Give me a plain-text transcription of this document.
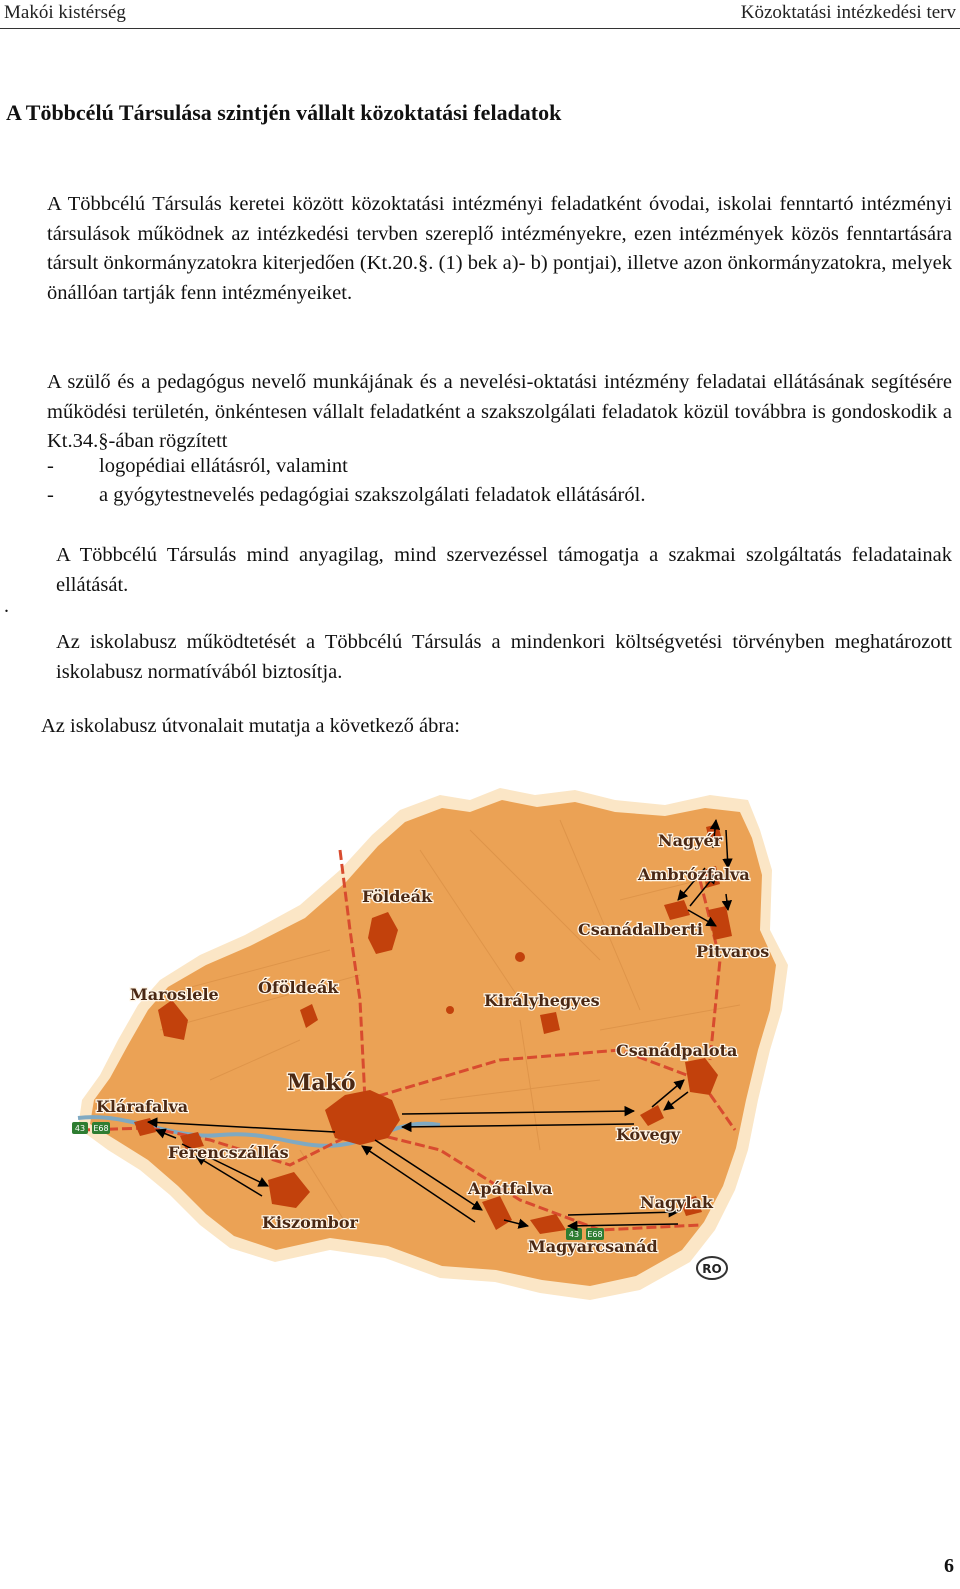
Makói kistérség	Közoktatási intézkedési terv
A Többcélú Társulása szintjén vállalt közoktatási feladatok
A Többcélú Társulás keretei között közoktatási intézményi feladatként óvodai, iskolai fenntartó intézményi társulások működnek az intézkedési tervben szereplő intézményekre, ezen intézmények közös fenntartására társult önkormányzatokra kiterjedően (Kt.20.§. (1) bek a)- b) pontjai), illetve azon önkormányzatokra, melyek önállóan tartják fenn intézményeiket.
A szülő és a pedagógus nevelő munkájának és a nevelési-oktatási intézmény feladatai ellátásának segítésére működési területén, önkéntesen vállalt feladatként a szakszolgálati feladatok közül továbbra is gondoskodik a Kt.34.§-ában rögzített
- logopédiai ellátásról, valamint
- a gyógytestnevelés pedagógiai szakszolgálati feladatok ellátásáról.
A Többcélú Társulás mind anyagilag, mind szervezéssel támogatja a szakmai szolgáltatás feladatainak ellátását.
.
Az iskolabusz működtetését a Többcélú Társulás a mindenkori költségvetési törvényben meghatározott iskolabusz normatívából biztosítja.
Az iskolabusz útvonalait mutatja a következő ábra:
43 E68
43 E68
Nagyér
Ambrózfalva
Csanádalberti
Pitvaros
Földeák
Maroslele Óföldeák
Királyhegyes
Csanádpalota
Makó
Klárafalva
Kövegy
Ferencszállás
Apátfalva
Nagylak
Kiszombor
Magyarcsanád
RO
6
